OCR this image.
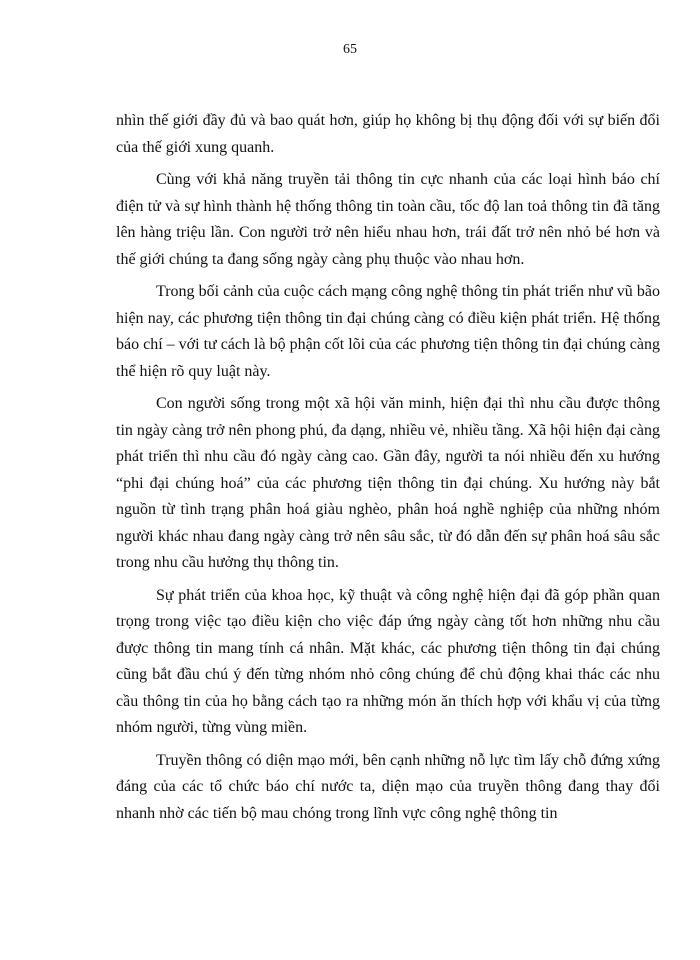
65

nhìn thế giới đầy đủ và bao quát hơn, giúp họ không bị thụ động đối với sự biến đổi của thế giới xung quanh.

Cùng với khả năng truyền tải thông tin cực nhanh của các loại hình báo chí điện tử và sự hình thành hệ thống thông tin toàn cầu, tốc độ lan toả thông tin đã tăng lên hàng triệu lần. Con người trở nên hiểu nhau hơn, trái đất trở nên nhỏ bé hơn và thế giới chúng ta đang sống ngày càng phụ thuộc vào nhau hơn.

Trong bối cảnh của cuộc cách mạng công nghệ thông tin phát triển như vũ bão hiện nay, các phương tiện thông tin đại chúng càng có điều kiện phát triển. Hệ thống báo chí – với tư cách là bộ phận cốt lõi của các phương tiện thông tin đại chúng càng thể hiện rõ quy luật này.

Con người sống trong một xã hội văn minh, hiện đại thì nhu cầu được thông tin ngày càng trở nên phong phú, đa dạng, nhiều vẻ, nhiều tầng. Xã hội hiện đại càng phát triển thì nhu cầu đó ngày càng cao. Gần đây, người ta nói nhiều đến xu hướng “phi đại chúng hoá” của các phương tiện thông tin đại chúng. Xu hướng này bắt nguồn từ tình trạng phân hoá giàu nghèo, phân hoá nghề nghiệp của những nhóm người khác nhau đang ngày càng trở nên sâu sắc, từ đó dẫn đến sự phân hoá sâu sắc trong nhu cầu hưởng thụ thông tin.

Sự phát triển của khoa học, kỹ thuật và công nghệ hiện đại đã góp phần quan trọng trong việc tạo điều kiện cho việc đáp ứng ngày càng tốt hơn những nhu cầu được thông tin mang tính cá nhân. Mặt khác, các phương tiện thông tin đại chúng cũng bắt đầu chú ý đến từng nhóm nhỏ công chúng để chủ động khai thác các nhu cầu thông tin của họ bằng cách tạo ra những món ăn thích hợp với khẩu vị của từng nhóm người, từng vùng miền.

Truyền thông có diện mạo mới, bên cạnh những nỗ lực tìm lấy chỗ đứng xứng đáng của các tổ chức báo chí nước ta, diện mạo của truyền thông đang thay đổi nhanh nhờ các tiến bộ mau chóng trong lĩnh vực công nghệ thông tin
